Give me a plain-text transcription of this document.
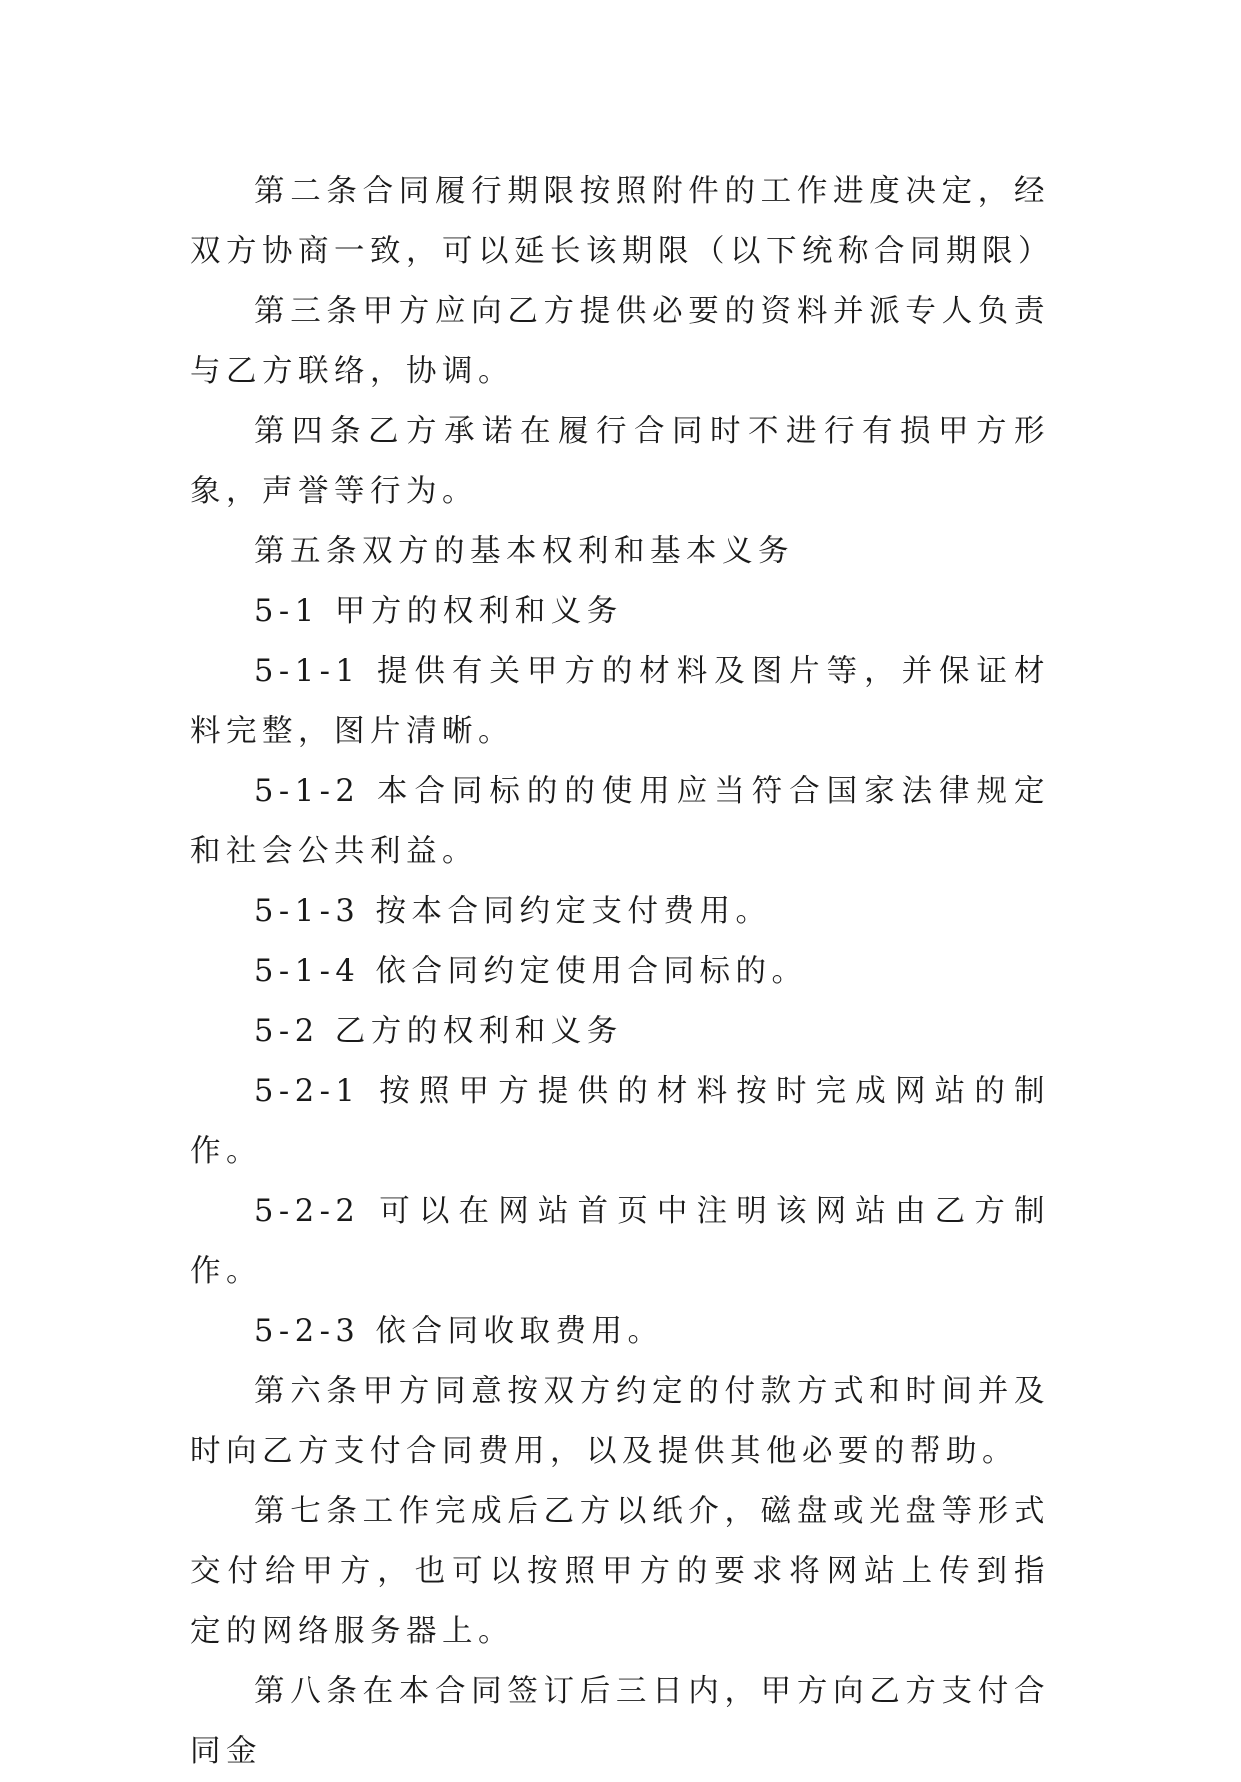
第二条合同履行期限按照附件的工作进度决定，经双方协商一致，可以延长该期限（以下统称合同期限）

第三条甲方应向乙方提供必要的资料并派专人负责与乙方联络，协调。

第四条乙方承诺在履行合同时不进行有损甲方形象，声誉等行为。

第五条双方的基本权利和基本义务

5-1 甲方的权利和义务

5-1-1 提供有关甲方的材料及图片等，并保证材料完整，图片清晰。

5-1-2 本合同标的的使用应当符合国家法律规定和社会公共利益。

5-1-3 按本合同约定支付费用。

5-1-4 依合同约定使用合同标的。

5-2 乙方的权利和义务

5-2-1 按照甲方提供的材料按时完成网站的制作。

5-2-2 可以在网站首页中注明该网站由乙方制作。

5-2-3 依合同收取费用。

第六条甲方同意按双方约定的付款方式和时间并及时向乙方支付合同费用，以及提供其他必要的帮助。

第七条工作完成后乙方以纸介，磁盘或光盘等形式交付给甲方，也可以按照甲方的要求将网站上传到指定的网络服务器上。

第八条在本合同签订后三日内，甲方向乙方支付合同金
